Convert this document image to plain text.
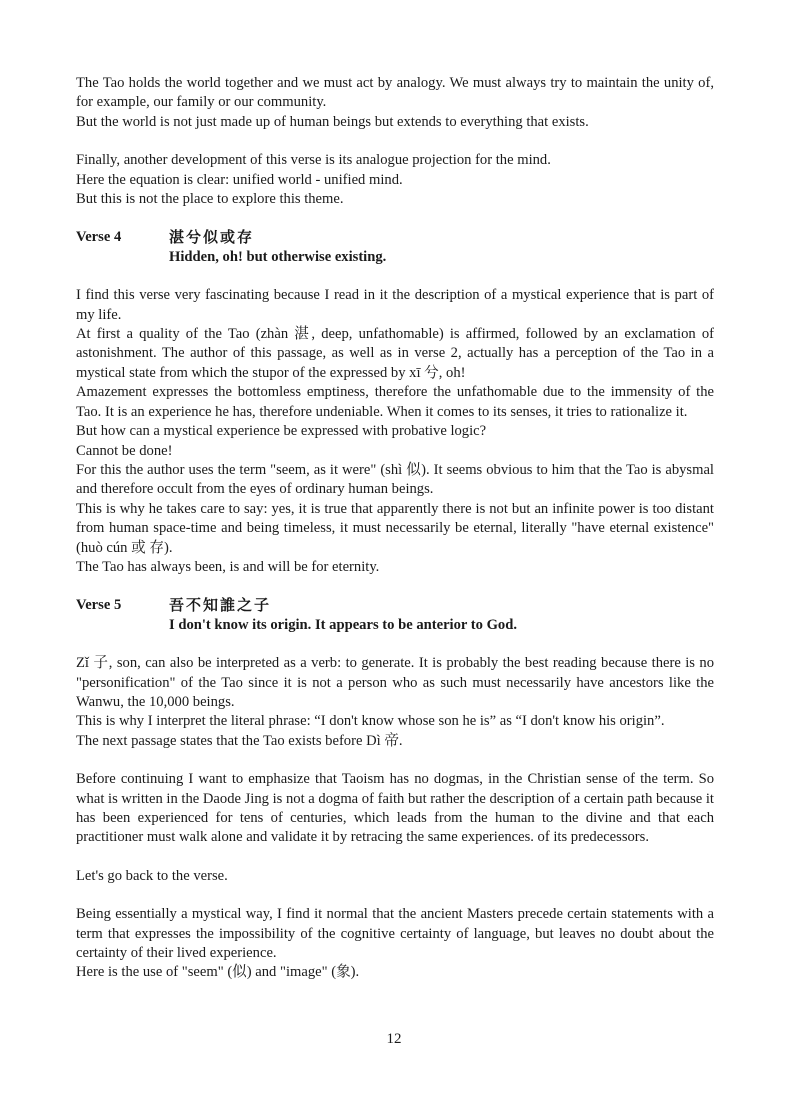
The Tao holds the world together and we must act by analogy. We must always try to maintain the unity of, for example, our family or our community.

But the world is not just made up of human beings but extends to everything that exists.

Finally, another development of this verse is its analogue projection for the mind.

Here the equation is clear: unified world - unified mind.

But this is not the place to explore this theme.

Verse 4	湛兮似或存
Hidden, oh! but otherwise existing.

I find this verse very fascinating because I read in it the description of a mystical experience that is part of my life.

At first a quality of the Tao (zhàn 湛, deep, unfathomable) is affirmed, followed by an exclamation of astonishment. The author of this passage, as well as in verse 2, actually has a perception of the Tao in a mystical state from which the stupor of the expressed by xī 兮, oh!

Amazement expresses the bottomless emptiness, therefore the unfathomable due to the immensity of the Tao. It is an experience he has, therefore undeniable. When it comes to its senses, it tries to rationalize it.

But how can a mystical experience be expressed with probative logic?

Cannot be done!

For this the author uses the term "seem, as it were" (shì 似). It seems obvious to him that the Tao is abysmal and therefore occult from the eyes of ordinary human beings.

This is why he takes care to say: yes, it is true that apparently there is not but an infinite power is too distant from human space-time and being timeless, it must necessarily be eternal, literally "have eternal existence" (huò cún 或 存).

The Tao has always been, is and will be for eternity.

Verse 5	吾不知誰之子
I don't know its origin. It appears to be anterior to God.

Zǐ 子, son, can also be interpreted as a verb: to generate. It is probably the best reading because there is no "personification" of the Tao since it is not a person who as such must necessarily have ancestors like the Wanwu, the 10,000 beings.

This is why I interpret the literal phrase: “I don't know whose son he is” as “I don't know his origin”.

The next passage states that the Tao exists before Dì 帝.

Before continuing I want to emphasize that Taoism has no dogmas, in the Christian sense of the term. So what is written in the Daode Jing is not a dogma of faith but rather the description of a certain path because it has been experienced for tens of centuries, which leads from the human to the divine and that each practitioner must walk alone and validate it by retracing the same experiences. of its predecessors.

Let's go back to the verse.

Being essentially a mystical way, I find it normal that the ancient Masters precede certain statements with a term that expresses the impossibility of the cognitive certainty of language, but leaves no doubt about the certainty of their lived experience.

Here is the use of "seem" (似) and "image" (象).

12
